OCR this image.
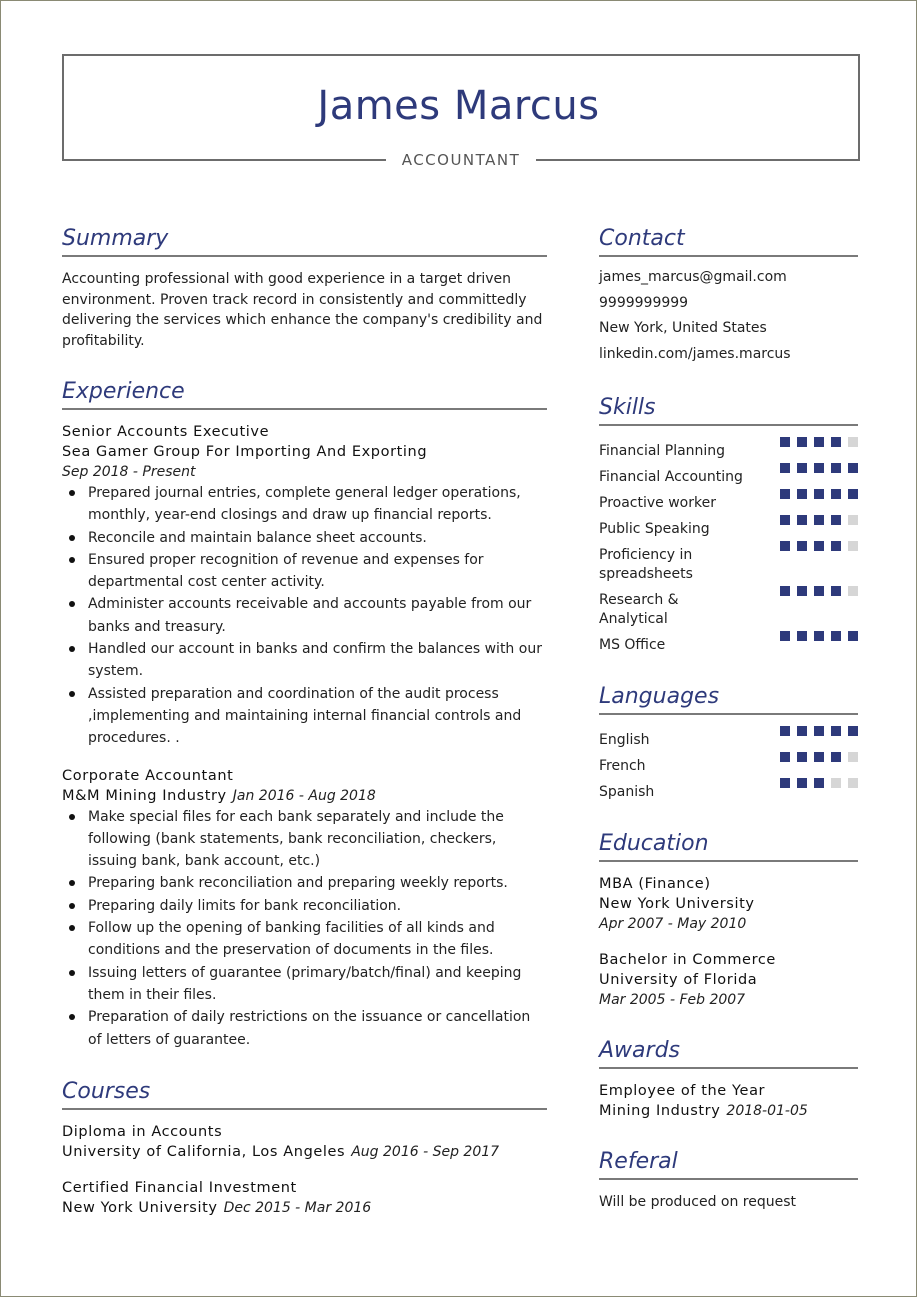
James Marcus
ACCOUNTANT
Summary
Accounting professional with good experience in a target driven environment. Proven track record in consistently and committedly delivering the services which enhance the company's credibility and profitability.
Experience
Senior Accounts Executive
Sea Gamer Group For Importing And Exporting
Sep 2018 - Present
Prepared journal entries, complete general ledger operations, monthly, year-end closings and draw up financial reports.
Reconcile and maintain balance sheet accounts.
Ensured proper recognition of revenue and expenses for departmental cost center activity.
Administer accounts receivable and accounts payable from our banks and treasury.
Handled our account in banks and confirm the balances with our system.
Assisted preparation and coordination of the audit process ,implementing and maintaining internal financial controls and procedures. .
Corporate Accountant
M&M Mining Industry Jan 2016 - Aug 2018
Make special files for each bank separately and include the following (bank statements, bank reconciliation, checkers, issuing bank, bank account, etc.)
Preparing bank reconciliation and preparing weekly reports.
Preparing daily limits for bank reconciliation.
Follow up the opening of banking facilities of all kinds and conditions and the preservation of documents in the files.
Issuing letters of guarantee (primary/batch/final) and keeping them in their files.
Preparation of daily restrictions on the issuance or cancellation of letters of guarantee.
Courses
Diploma in Accounts
University of California, Los Angeles Aug 2016 - Sep 2017
Certified Financial Investment
New York University Dec 2015 - Mar 2016
Contact
james_marcus@gmail.com
9999999999
New York, United States
linkedin.com/james.marcus
Skills
Financial Planning
Financial Accounting
Proactive worker
Public Speaking
Proficiency in spreadsheets
Research & Analytical
MS Office
Languages
English
French
Spanish
Education
MBA (Finance)
New York University
Apr 2007 - May 2010
Bachelor in Commerce
University of Florida
Mar 2005 - Feb 2007
Awards
Employee of the Year
Mining Industry 2018-01-05
Referal
Will be produced on request
